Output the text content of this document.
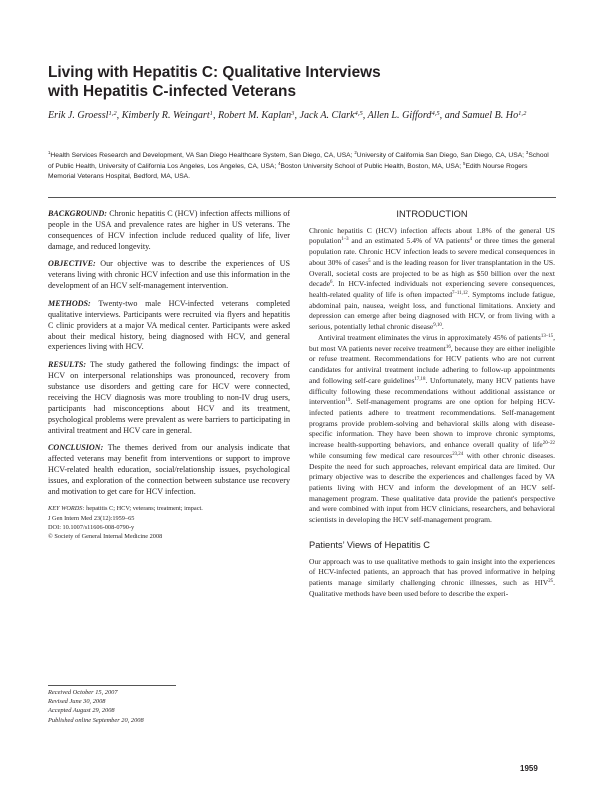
Living with Hepatitis C: Qualitative Interviews
with Hepatitis C-infected Veterans
Erik J. Groessl$^{1,2}$, Kimberly R. Weingart$^1$, Robert M. Kaplan$^3$, Jack A. Clark$^{4,5}$, Allen L. Gifford$^{4,5}$, and Samuel B. Ho$^{1,2}$
$^1$Health Services Research and Development, VA San Diego Healthcare System, San Diego, CA, USA; $^2$University of California San Diego, San Diego, CA, USA; $^3$School of Public Health, University of California Los Angeles, Los Angeles, CA, USA; $^4$Boston University School of Public Health, Boston, MA, USA; $^5$Edith Nourse Rogers Memorial Veterans Hospital, Bedford, MA, USA.

BACKGROUND: Chronic hepatitis C (HCV) infection affects millions of people in the USA and prevalence rates are higher in US veterans. The consequences of HCV infection include reduced quality of life, liver damage, and reduced longevity.

OBJECTIVE: Our objective was to describe the experiences of US veterans living with chronic HCV infection and use this information in the development of an HCV self-management intervention.

METHODS: Twenty-two male HCV-infected veterans completed qualitative interviews. Participants were recruited via flyers and hepatitis C clinic providers at a major VA medical center. Participants were asked about their medical history, being diagnosed with HCV, and general experiences living with HCV.

RESULTS: The study gathered the following findings: the impact of HCV on interpersonal relationships was pronounced, recovery from substance use disorders and getting care for HCV were connected, receiving the HCV diagnosis was more troubling to non-IV drug users, participants had misconceptions about HCV and its treatment, psychological problems were prevalent as were barriers to participating in antiviral treatment and HCV care in general.

CONCLUSION: The themes derived from our analysis indicate that affected veterans may benefit from interventions or support to improve HCV-related health education, social/relationship issues, psychological issues, and exploration of the connection between substance use recovery and motivation to get care for HCV infection.

KEY WORDS: hepatitis C; HCV; veterans; treatment; impact.
J Gen Intern Med 23(12):1959–65
DOI: 10.1007/s11606-008-0790-y
© Society of General Internal Medicine 2008
Received October 15, 2007
Revised June 30, 2008
Accepted August 29, 2008
Published online September 20, 2008
INTRODUCTION

Chronic hepatitis C (HCV) infection affects about 1.8% of the general US population$^{1-3}$ and an estimated 5.4% of VA patients$^4$ or three times the general population rate. Chronic HCV infection leads to severe medical consequences in about 30% of cases$^5$ and is the leading reason for liver transplantation in the US. Overall, societal costs are projected to be as high as $50 billion over the next decade$^6$. In HCV-infected individuals not experiencing severe consequences, health-related quality of life is often impacted$^{7-11,12}$. Symptoms include fatigue, abdominal pain, nausea, weight loss, and functional limitations. Anxiety and depression can emerge after being diagnosed with HCV, or from living with a serious, potentially lethal chronic disease$^{9,10}$.

Antiviral treatment eliminates the virus in approximately 45% of patients$^{13-15}$, but most VA patients never receive treatment$^{16}$, because they are either ineligible or refuse treatment. Recommendations for HCV patients who are not current candidates for antiviral treatment include adhering to follow-up appointments and following self-care guidelines$^{17,18}$. Unfortunately, many HCV patients have difficulty following these recommendations without additional assistance or intervention$^{19}$. Self-management programs are one option for helping HCV-infected patients adhere to treatment recommendations. Self-management programs provide problem-solving and behavioral skills along with disease-specific information. They have been shown to improve chronic symptoms, increase health-supporting behaviors, and enhance overall quality of life$^{20-22}$ while consuming few medical care resources$^{23,24}$ with other chronic diseases. Despite the need for such approaches, relevant empirical data are limited. Our primary objective was to describe the experiences and challenges faced by VA patients living with HCV and inform the development of an HCV self-management program. These qualitative data provide the patient's perspective and were combined with input from HCV clinicians, researchers, and behavioral scientists in developing the HCV self-management program.

Patients’ Views of Hepatitis C

Our approach was to use qualitative methods to gain insight into the experiences of HCV-infected patients, an approach that has proved informative in helping patients manage similarly challenging chronic illnesses, such as HIV$^{25}$. Qualitative methods have been used before to describe the experi-

1959
